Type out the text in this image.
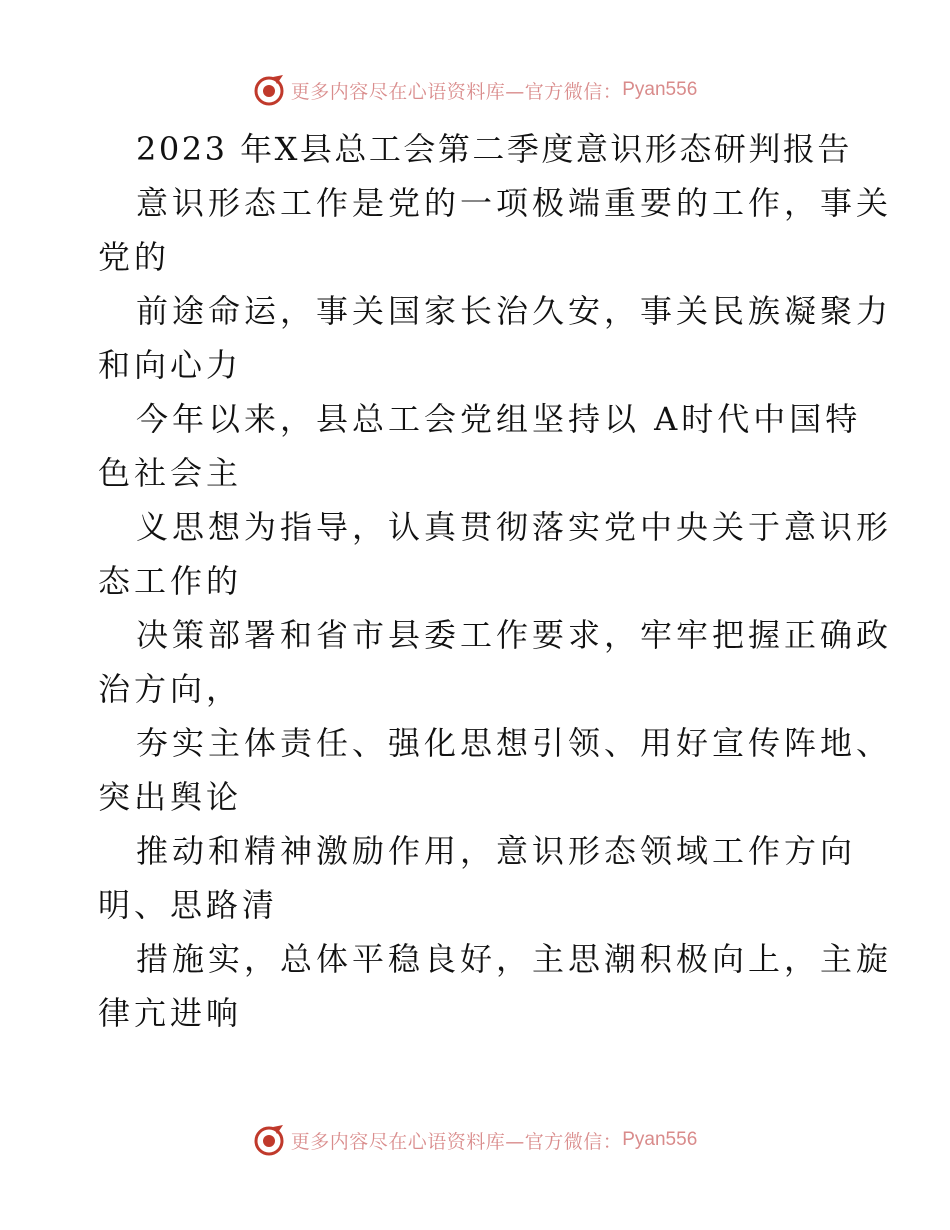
更多内容尽在心语资料库—官方微信： Pyan556
2023 年X县总工会第二季度意识形态研判报告
意识形态工作是党的一项极端重要的工作，事关
党的
前途命运，事关国家长治久安，事关民族凝聚力
和向心力
今年以来，县总工会党组坚持以 A时代中国特
色社会主
义思想为指导，认真贯彻落实党中央关于意识形
态工作的
决策部署和省市县委工作要求，牢牢把握正确政
治方向，
夯实主体责任、强化思想引领、用好宣传阵地、
突出舆论
推动和精神激励作用，意识形态领域工作方向
明、思路清
措施实，总体平稳良好，主思潮积极向上，主旋
律亢进响
更多内容尽在心语资料库—官方微信： Pyan556
